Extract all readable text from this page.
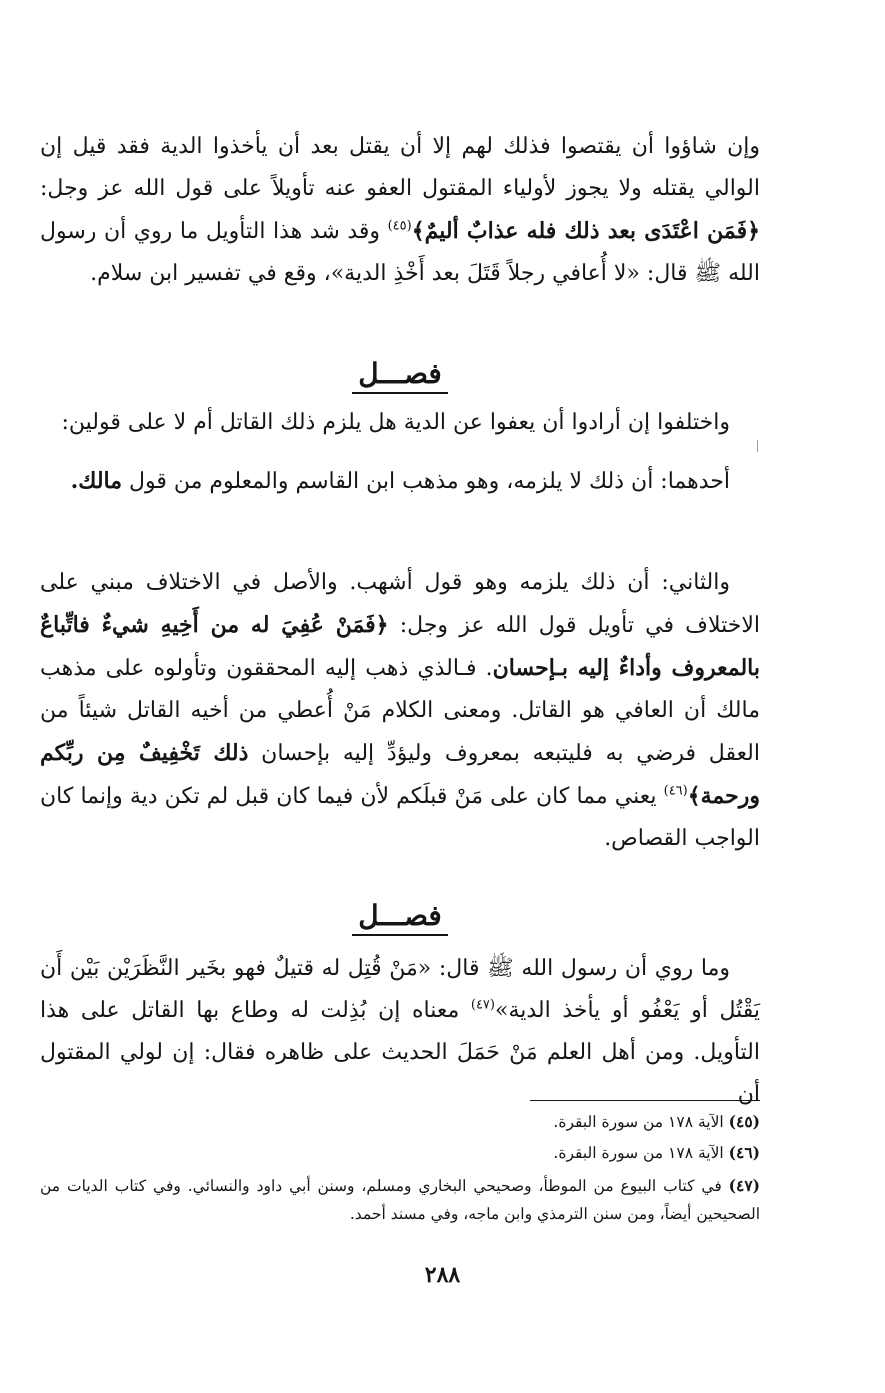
وإن شاؤوا أن يقتصوا فذلك لهم إلا أن يقتل بعد أن يأخذوا الدية فقد قيل إن الوالي يقتله ولا يجوز لأولياء المقتول العفو عنه تأويلاً على قول الله عز وجل: ﴿فَمَن اعْتَدَى بعد ذلك فله عذابٌ أليمٌ﴾$^{(٤٥)}$ وقد شد هذا التأويل ما روي أن رسول الله ﷺ قال: «لا أُعافي رجلاً قَتَلَ بعد أَخْذِ الدية»، وقع في تفسير ابن سلام.

فصـــل

واختلفوا إن أرادوا أن يعفوا عن الدية هل يلزم ذلك القاتل أم لا على قولين:

أحدهما: أن ذلك لا يلزمه، وهو مذهب ابن القاسم والمعلوم من قول مالك.

والثاني: أن ذلك يلزمه وهو قول أشهب. والأصل في الاختلاف مبني على الاختلاف في تأويل قول الله عز وجل: ﴿فَمَنْ عُفِيَ له من أَخِيهِ شيءٌ فاتِّباعٌ بالمعروف وأداءٌ إليه بـإحسان. فـالذي ذهب إليه المحققون وتأولوه على مذهب مالك أن العافي هو القاتل. ومعنى الكلام مَنْ أُعطي من أخيه القاتل شيئاً من العقل فرضي به فليتبعه بمعروف وليؤدِّ إليه بإحسان ذلك تَخْفِيفٌ مِن ربِّكم ورحمة﴾$^{(٤٦)}$ يعني مما كان على مَنْ قبلَكم لأن فيما كان قبل لم تكن دية وإنما كان الواجب القصاص.

فصـــل

وما روي أن رسول الله ﷺ قال: «مَنْ قُتِل له قتيلٌ فهو بخَير النَّظَرَيْن بَيْن أَن يَقْتُل أو يَعْفُو أو يأخذ الدية»$^{(٤٧)}$ معناه إن بُذِلت له وطاع بها القاتل على هذا التأويل. ومن أهل العلم مَنْ حَمَلَ الحديث على ظاهره فقال: إن لولي المقتول أن

(٤٥) الآية ١٧٨ من سورة البقرة.
(٤٦) الآية ١٧٨ من سورة البقرة.
(٤٧) في كتاب البيوع من الموطأ، وصحيحي البخاري ومسلم، وسنن أبي داود والنسائي. وفي كتاب الديات من الصحيحين أيضاً، ومن سنن الترمذي وابن ماجه، وفي مسند أحمد.
٢٨٨
